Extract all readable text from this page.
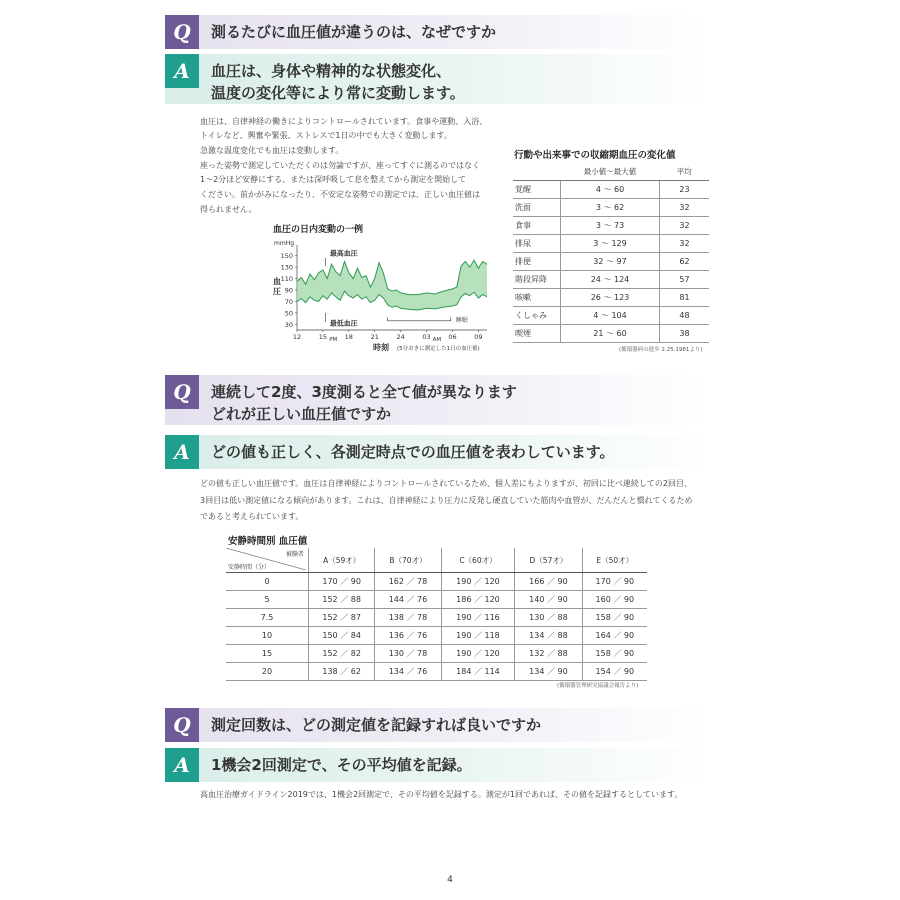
Q	測るたびに血圧値が違うのは、なぜですか
A	血圧は、身体や精神的な状態変化、
温度の変化等により常に変動します。
血圧は、自律神経の働きによりコントロールされています。食事や運動、入浴、
トイレなど、興奮や緊張、ストレスで1日の中でも大きく変動します。
急激な温度変化でも血圧は変動します。
座った姿勢で測定していただくのは勿論ですが、座ってすぐに測るのではなく
1〜2分ほど安静にする、または深呼吸して息を整えてから測定を開始して
ください。前かがみになったり、不安定な姿勢での測定では、正しい血圧値は
得られません。
血圧の日内変動の一例
mmHg
血
圧
30
50
70
90
110
130
150
12	15 PM 18	21	24	03 AM 06	09
最高血圧
最低血圧	睡眠
時刻 (5分おきに測定した1日の血圧値)
行動や出来事での収縮期血圧の変化値
	最小値〜最大値	平均
覚醒	4 〜 60	23
洗面	3 〜 62	32
食事	3 〜 73	32
排尿	3 〜 129	32
排便	32 〜 97	62
階段昇降	24 〜 124	57
咳嗽	26 〜 123	81
くしゃみ	4 〜 104	48
喫煙	21 〜 60	38
(循環器病の進歩 2.25.1981より)
Q	連続して2度、3度測ると全て値が異なります
どれが正しい血圧値ですか
A	どの値も正しく、各測定時点での血圧値を表わしています。
どの値も正しい血圧値です。血圧は自律神経によりコントロールされているため、個人差にもよりますが、初回に比べ連続しての2回目、
3回目は低い測定値になる傾向があります。これは、自律神経により圧力に反発し硬直していた筋肉や血管が、だんだんと慣れてくるため
であると考えられています。
安静時間別 血圧値
被験者
安静時間（分）	A（59才）	B（70才）	C（60才）	D（57才）	E（50才）
0	170 ／ 90	162 ／ 78	190 ／ 120	166 ／ 90	170 ／ 90
5	152 ／ 88	144 ／ 76	186 ／ 120	140 ／ 90	160 ／ 90
7.5	152 ／ 87	138 ／ 78	190 ／ 116	130 ／ 88	158 ／ 90
10	150 ／ 84	136 ／ 76	190 ／ 118	134 ／ 88	164 ／ 90
15	152 ／ 82	130 ／ 78	190 ／ 120	132 ／ 88	158 ／ 90
20	138 ／ 62	134 ／ 76	184 ／ 114	134 ／ 90	154 ／ 90
(循環器管理研究協議会報告より)
Q	測定回数は、どの測定値を記録すれば良いですか
A	1機会2回測定で、その平均値を記録。
高血圧治療ガイドライン2019では、1機会2回測定で、その平均値を記録する。測定が1回であれば、その値を記録するとしています。
4
